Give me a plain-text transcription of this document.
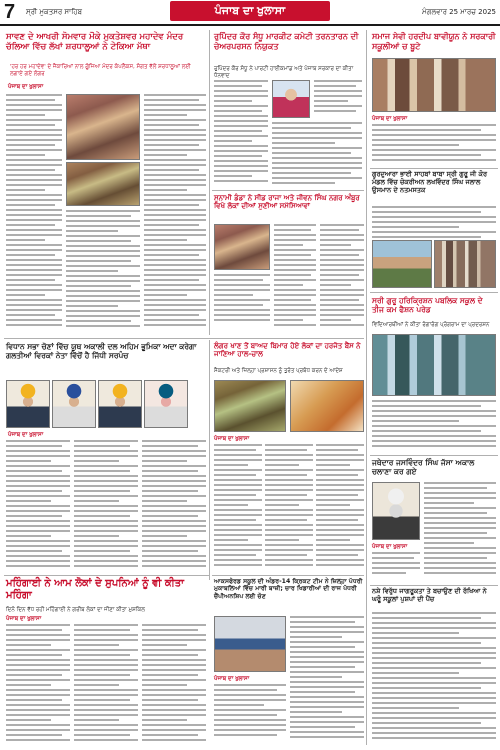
7 ਸ੍ਰੀ ਮੁਕਤਸਰ ਸਾਹਿਬ	ਪੰਜਾਬ ਦਾ ਖੁਲਾਸਾ	ਮੰਗਲਵਾਰ 25 ਮਾਰਚ 2025
ਸਾਵਣ ਦੇ ਆਖਰੀ ਸੋਮਵਾਰ ਮੌਕੇ ਮੁਕਤੇਸ਼ਵਰ ਮਹਾਦੇਵ ਮੰਦਰ ਚੱਲਿਆ ਵਿੱਚ ਲੱਖਾਂ ਸ਼ਰਧਾਲੂਆਂ ਨੇ ਟੇਕਿਆ ਮੱਥਾ
'ਹਰ ਹਰ ਮਹਾਦੇਵ' ਦੇ ਜੈਕਾਰਿਆਂ ਨਾਲ ਗੂੰਜਿਆ ਮੰਦਰ ਕੰਪਲੈਕਸ, ਸੰਗਤ ਵੱਲੋਂ ਸ਼ਰਧਾਲੂਆਂ ਲਈ ਲਗਾਏ ਗਏ ਲੰਗਰ
ਪੰਜਾਬ ਦਾ ਖੁਲਾਸਾ
ਰੁਪਿੰਦਰ ਕੌਰ ਸੰਧੂ ਮਾਰਕੀਟ ਕਮੇਟੀ ਤਰਨਤਾਰਨ ਦੀ ਚੇਅਰਪਰਸਨ ਨਿਯੁਕਤ
ਰੁਪਿੰਦਰ ਕੌਰ ਸੰਧੂ ਨੇ ਪਾਰਟੀ ਹਾਈਕਮਾਂਡ ਅਤੇ ਪੰਜਾਬ ਸਰਕਾਰ ਦਾ ਕੀਤਾ ਧੰਨਵਾਦ
ਸਮਾਜ ਸੇਵੀ ਹਰਦੀਪ ਬਾਵੀਯੂਨ ਨੇ ਸਰਕਾਰੀ ਸਕੂਲੀਆਂ ਚ ਬੂਟੇ
ਪੰਜਾਬ ਦਾ ਖੁਲਾਸਾ
ਗੁਰਦੁਆਰਾ ਭਾਈ ਸਾਹਬਾਂ ਬਾਬਾ ਸ੍ਰੀ ਗੁਰੂ ਜੀ ਕੋਰ ਮੰਡਲ ਵਿੱਚ ਚੋਕਰੀਅਨ ਲਖਵਿੰਦਰ ਸਿੰਘ ਜਲਾਲ ਉਸਮਾਨ ਦੇ ਨਤਮਸਤਕ
ਸੁਨਾਮੀ ਡੰਡਾ ਨੇ ਸੀਡ ਰਾਜਾ ਅਤੇ ਜੀਵਨ ਸਿੰਘ ਨਗਰ ਅੰਬੂਰ ਵਿਖੇ ਲੋਕਾਂ ਦੀਆਂ ਸੁਣੀਆਂ ਸਮੱਸਿਆਵਾਂ
ਸ੍ਰੀ ਗੁਰੂ ਹਰਿਕ੍ਰਿਸ਼ਨ ਪਬਲਿਕ ਸਕੂਲ ਦੇ ਤੀਜ ਕਮ ਫੈਸ਼ਨ ਪਰੇਡ
ਵਿਦਿਆਰਥੀਆਂ ਨੇ ਕੀਤਾ ਰੰਗਾਰੰਗ ਪ੍ਰੋਗਰਾਮ ਦਾ ਪ੍ਰਦਰਸ਼ਨ
ਵਿਧਾਨ ਸਭਾ ਚੋਣਾਂ ਵਿੱਚ ਯੂਥ ਅਕਾਲੀ ਦਲ ਅਹਿਮ ਭੂਮਿਕਾ ਅਦਾ ਕਰੇਗਾ ਗਲਤੀਆਂ ਵਿਰਕਾਂ ਨੇਤਾ ਵਿੱਚੋਂ ਹੈ ਜਿੱਧੀ ਸਰਪੰਚ
ਪੰਜਾਬ ਦਾ ਖੁਲਾਸਾ
ਲੰਗਰ ਖਾਣ ਤੋਂ ਬਾਅਦ ਬਿਮਾਰ ਹੋਏ ਲੋਕਾਂ ਦਾ ਹਰਜੋਤ ਬੈਂਸ ਨੇ ਜਾਣਿਆ ਹਾਲ-ਚਾਲ
ਸੈਕਟਰੀ ਅਤੇ ਜ਼ਿਲ੍ਹਾ ਪ੍ਰਸ਼ਾਸਨ ਨੂੰ ਤੁਰੰਤ ਪ੍ਰਬੰਧ ਕਰਨ ਦੇ ਆਦੇਸ਼
ਪੰਜਾਬ ਦਾ ਖੁਲਾਸਾ
ਜਥੇਦਾਰ ਜਸਵਿੰਦਰ ਸਿੰਘ ਜੱਸਾ ਅਕਾਲ ਚਲਾਣਾ ਕਰ ਗਏ
ਪੰਜਾਬ ਦਾ ਖੁਲਾਸਾ
ਮਹਿੰਗਾਈ ਨੇ ਆਮ ਲੋਕਾਂ ਦੇ ਸੁਪਨਿਆਂ ਨੂੰ ਵੀ ਕੀਤਾ ਮਹਿੰਗਾ
ਦਿਨੋ ਦਿਨ ਵੱਧ ਰਹੀ ਮਹਿੰਗਾਈ ਨੇ ਗਰੀਬ ਲੋਕਾਂ ਦਾ ਜੀਣਾ ਕੀਤਾ ਮੁਸ਼ਕਿਲ
ਪੰਜਾਬ ਦਾ ਖੁਲਾਸਾ
ਆਕਸਫੋਰਡ ਸਕੂਲ ਦੀ ਅੰਡਰ-14 ਕ੍ਰਿਕਟ ਟੀਮ ਨੇ ਜ਼ਿਲ੍ਹਾ ਪੱਧਰੀ ਮੁਕਾਬਲਿਆਂ ਵਿੱਚ ਮਾਰੀ ਬਾਜ਼ੀ; ਚਾਰ ਖਿਡਾਰੀਆਂ ਦੀ ਰਾਜ ਪੱਧਰੀ ਚੈਂਪੀਅਨਸ਼ਿਪ ਲਈ ਚੋਣ
ਪੰਜਾਬ ਦਾ ਖੁਲਾਸਾ
ਨਸ਼ੇ ਵਿਰੁੱਧ ਜਾਗਰੂਕਤਾ ਤੇ ਬਚਾਉਣ ਦੀ ਰੱਖਿਆ ਨੇ ਘਰੂੰ ਸਕੂਲਾਂ ਪੁਸ਼ਪਾਂ ਦੀ ਪੈਂਚ
